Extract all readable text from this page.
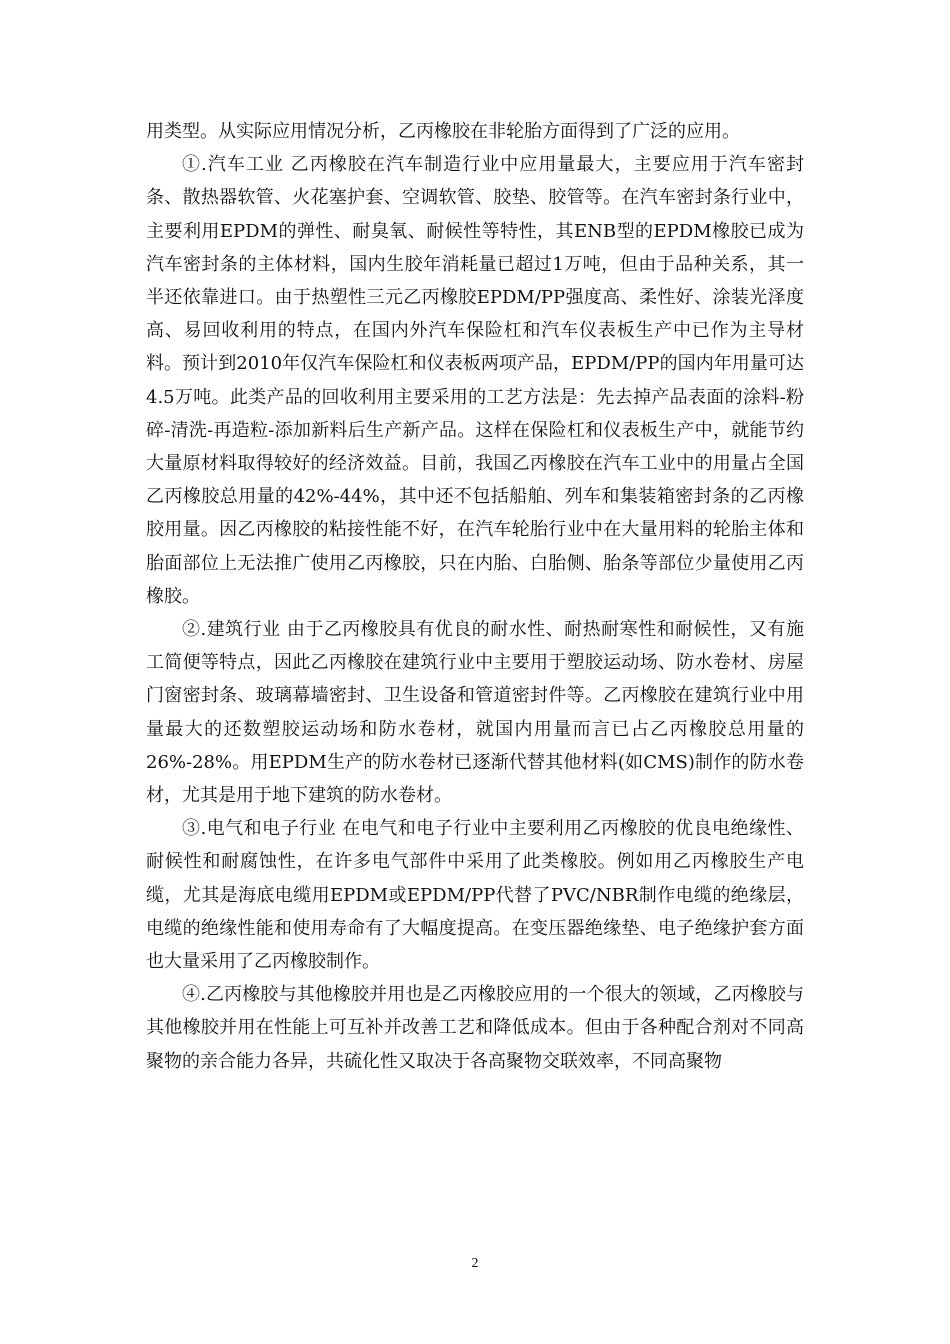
用类型。从实际应用情况分析，乙丙橡胶在非轮胎方面得到了广泛的应用。

①.汽车工业 乙丙橡胶在汽车制造行业中应用量最大，主要应用于汽车密封条、散热器软管、火花塞护套、空调软管、胶垫、胶管等。在汽车密封条行业中，主要利用EPDM的弹性、耐臭氧、耐候性等特性，其ENB型的EPDM橡胶已成为汽车密封条的主体材料，国内生胶年消耗量已超过1万吨，但由于品种关系，其一半还依靠进口。由于热塑性三元乙丙橡胶EPDM/PP强度高、柔性好、涂装光泽度高、易回收利用的特点，在国内外汽车保险杠和汽车仪表板生产中已作为主导材料。预计到2010年仅汽车保险杠和仪表板两项产品，EPDM/PP的国内年用量可达4.5万吨。此类产品的回收利用主要采用的工艺方法是：先去掉产品表面的涂料-粉碎-清洗-再造粒-添加新料后生产新产品。这样在保险杠和仪表板生产中，就能节约大量原材料取得较好的经济效益。目前，我国乙丙橡胶在汽车工业中的用量占全国乙丙橡胶总用量的42%-44%，其中还不包括船舶、列车和集装箱密封条的乙丙橡胶用量。因乙丙橡胶的粘接性能不好，在汽车轮胎行业中在大量用料的轮胎主体和胎面部位上无法推广使用乙丙橡胶，只在内胎、白胎侧、胎条等部位少量使用乙丙橡胶。

②.建筑行业 由于乙丙橡胶具有优良的耐水性、耐热耐寒性和耐候性，又有施工简便等特点，因此乙丙橡胶在建筑行业中主要用于塑胶运动场、防水卷材、房屋门窗密封条、玻璃幕墙密封、卫生设备和管道密封件等。乙丙橡胶在建筑行业中用量最大的还数塑胶运动场和防水卷材，就国内用量而言已占乙丙橡胶总用量的26%-28%。用EPDM生产的防水卷材已逐渐代替其他材料(如CMS)制作的防水卷材，尤其是用于地下建筑的防水卷材。

③.电气和电子行业 在电气和电子行业中主要利用乙丙橡胶的优良电绝缘性、耐候性和耐腐蚀性，在许多电气部件中采用了此类橡胶。例如用乙丙橡胶生产电缆，尤其是海底电缆用EPDM或EPDM/PP代替了PVC/NBR制作电缆的绝缘层，电缆的绝缘性能和使用寿命有了大幅度提高。在变压器绝缘垫、电子绝缘护套方面也大量采用了乙丙橡胶制作。

④.乙丙橡胶与其他橡胶并用也是乙丙橡胶应用的一个很大的领域，乙丙橡胶与其他橡胶并用在性能上可互补并改善工艺和降低成本。但由于各种配合剂对不同高聚物的亲合能力各异，共硫化性又取决于各高聚物交联效率，不同高聚物

2
